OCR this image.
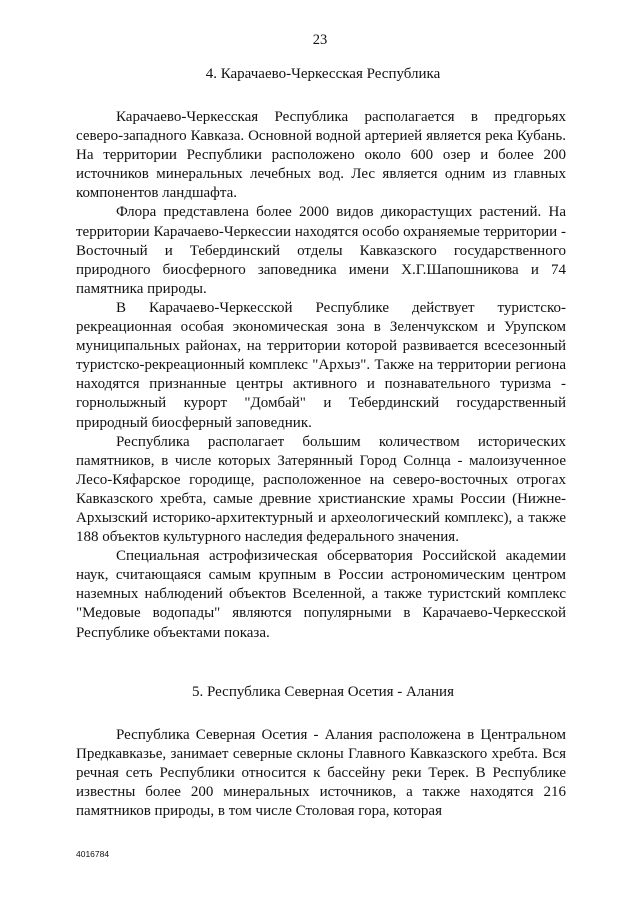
23
4. Карачаево-Черкесская Республика

Карачаево-Черкесская Республика располагается в предгорьях северо-западного Кавказа. Основной водной артерией является река Кубань. На территории Республики расположено около 600 озер и более 200 источников минеральных лечебных вод. Лес является одним из главных компонентов ландшафта.

Флора представлена более 2000 видов дикорастущих растений. На территории Карачаево-Черкессии находятся особо охраняемые территории - Восточный и Тебердинский отделы Кавказского государственного природного биосферного заповедника имени Х.Г.Шапошникова и 74 памятника природы.

В Карачаево-Черкесской Республике действует туристско-рекреационная особая экономическая зона в Зеленчукском и Урупском муниципальных районах, на территории которой развивается всесезонный туристско-рекреационный комплекс "Архыз". Также на территории региона находятся признанные центры активного и познавательного туризма - горнолыжный курорт "Домбай" и Тебердинский государственный природный биосферный заповедник.

Республика располагает большим количеством исторических памятников, в числе которых Затерянный Город Солнца - малоизученное Лесо-Кяфарское городище, расположенное на северо-восточных отрогах Кавказского хребта, самые древние христианские храмы России (Нижне-Архызский историко-архитектурный и археологический комплекс), а также 188 объектов культурного наследия федерального значения.

Специальная астрофизическая обсерватория Российской академии наук, считающаяся самым крупным в России астрономическим центром наземных наблюдений объектов Вселенной, а также туристский комплекс "Медовые водопады" являются популярными в Карачаево-Черкесской Республике объектами показа.

5. Республика Северная Осетия - Алания

Республика Северная Осетия - Алания расположена в Центральном Предкавказье, занимает северные склоны Главного Кавказского хребта. Вся речная сеть Республики относится к бассейну реки Терек. В Республике известны более 200 минеральных источников, а также находятся 216 памятников природы, в том числе Столовая гора, которая

4016784
